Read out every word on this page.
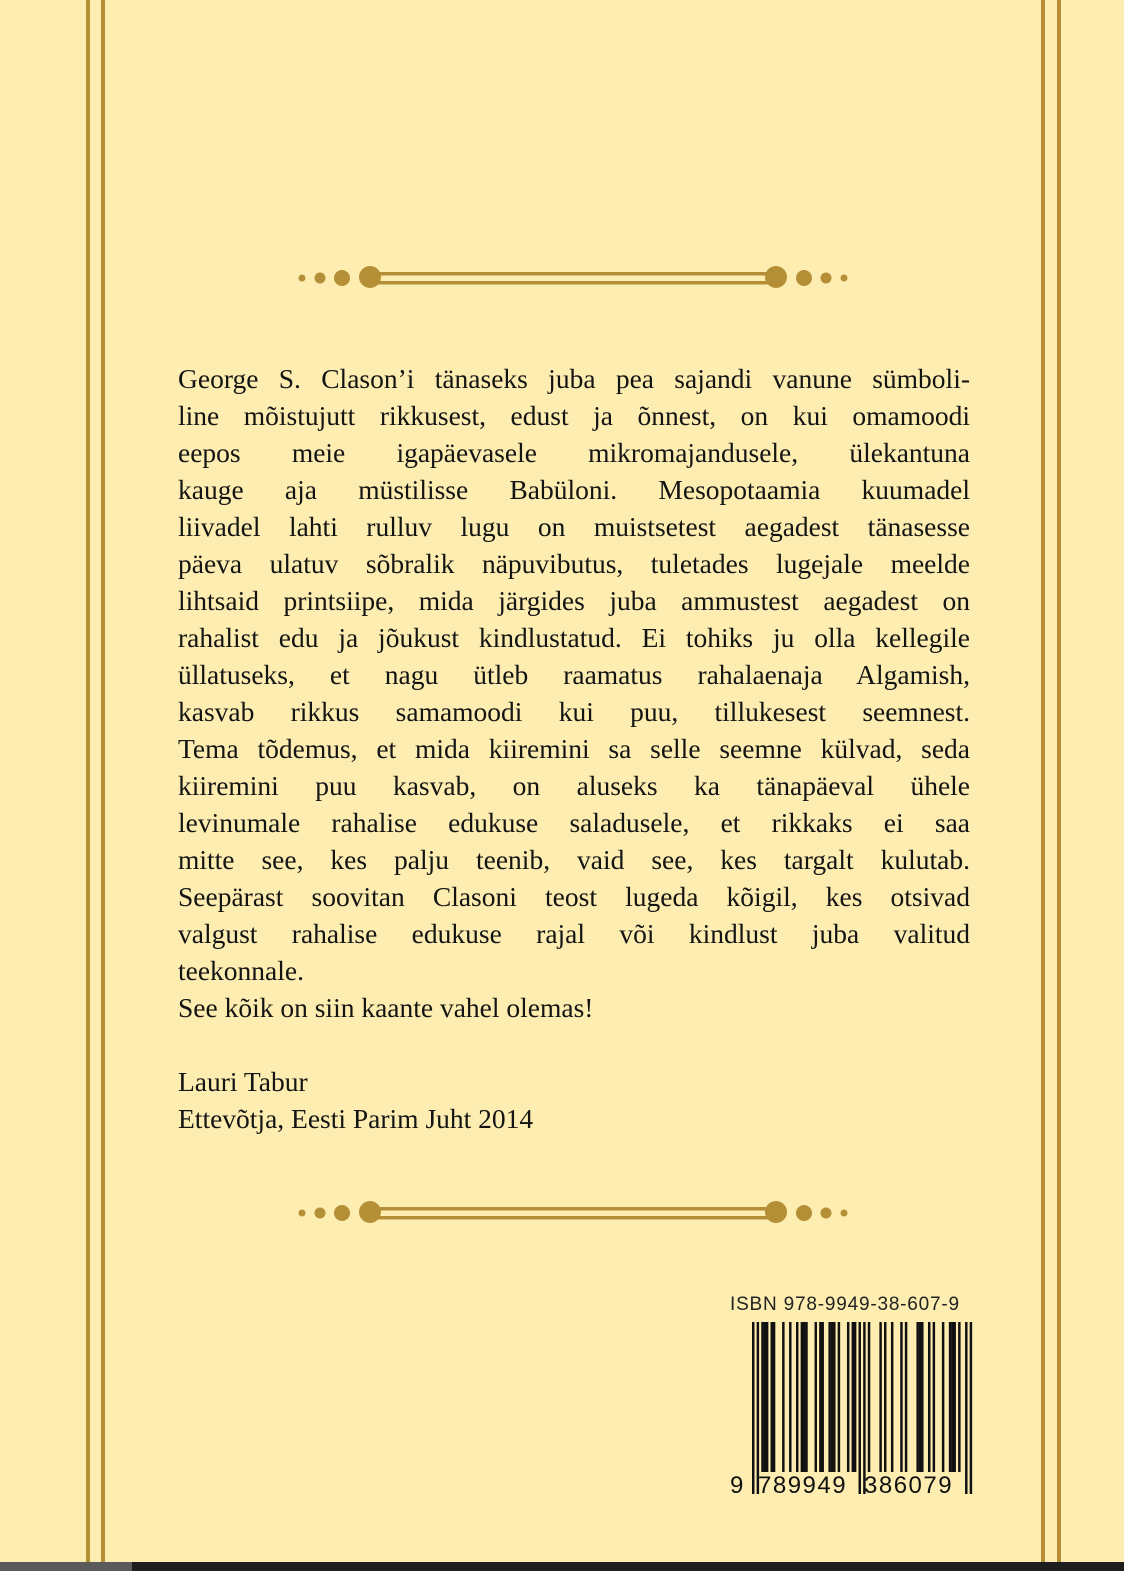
George S. Clason’i tänaseks juba pea sajandi vanune sümboli-
line mõistujutt rikkusest, edust ja õnnest, on kui omamoodi
eepos meie igapäevasele mikromajandusele, ülekantuna
kauge aja müstilisse Babüloni. Mesopotaamia kuumadel
liivadel lahti rulluv lugu on muistsetest aegadest tänasesse
päeva ulatuv sõbralik näpuvibutus, tuletades lugejale meelde
lihtsaid printsiipe, mida järgides juba ammustest aegadest on
rahalist edu ja jõukust kindlustatud. Ei tohiks ju olla kellegile
üllatuseks, et nagu ütleb raamatus rahalaenaja Algamish,
kasvab rikkus samamoodi kui puu, tillukesest seemnest.
Tema tõdemus, et mida kiiremini sa selle seemne külvad, seda
kiiremini puu kasvab, on aluseks ka tänapäeval ühele
levinumale rahalise edukuse saladusele, et rikkaks ei saa
mitte see, kes palju teenib, vaid see, kes targalt kulutab.
Seepärast soovitan Clasoni teost lugeda kõigil, kes otsivad
valgust rahalise edukuse rajal või kindlust juba valitud
teekonnale.
See kõik on siin kaante vahel olemas!
Lauri Tabur
Ettevõtja, Eesti Parim Juht 2014
ISBN 978-9949-38-607-9
9 789949 386079
